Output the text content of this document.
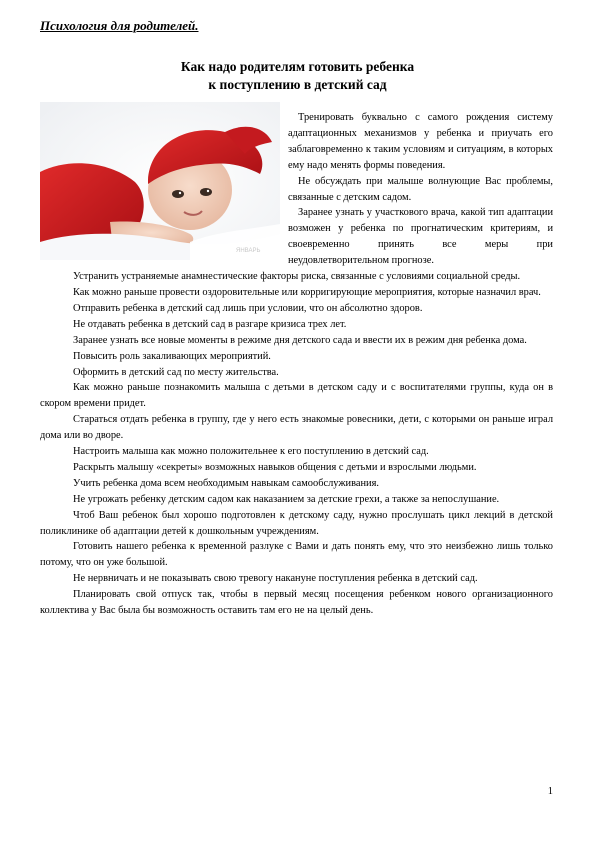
Психология для родителей.
Как надо родителям готовить ребенка
к поступлению в детский сад
ЯНВАРЬ

Тренировать буквально с самого рождения систему адаптационных механизмов у ребенка и приучать его заблаговременно к таким условиям и ситуациям, в которых ему надо менять формы поведения.

Не обсуждать при малыше волнующие Вас проблемы, связанные с детским садом.

Заранее узнать у участкового врача, какой тип адаптации возможен у ребенка по прогнатическим критериям, и своевременно принять все меры при неудовлетворительном прогнозе.

Устранить устраняемые анамнестические факторы риска, связанные с условиями социальной среды.

Как можно раньше провести оздоровительные или корригирующие мероприятия, которые назначил врач.

Отправить ребенка в детский сад лишь при условии, что он абсолютно здоров.

Не отдавать ребенка в детский сад в разгаре кризиса трех лет.

Заранее узнать все новые моменты в режиме дня детского сада и ввести их в режим дня ребенка дома.

Повысить роль закаливающих мероприятий.

Оформить в детский сад по месту жительства.

Как можно раньше познакомить малыша с детьми в детском саду и с воспитателями группы, куда он в скором времени придет.

Стараться отдать ребенка в группу, где у него есть знакомые ровесники, дети, с которыми он раньше играл дома или во дворе.

Настроить малыша как можно положительнее к его поступлению в детский сад.

Раскрыть малышу «секреты» возможных навыков общения с детьми и взрослыми людьми.

Учить ребенка дома всем необходимым навыкам самообслуживания.

Не угрожать ребенку детским садом как наказанием за детские грехи, а также за непослушание.

Чтоб Ваш ребенок был хорошо подготовлен к детскому саду, нужно прослушать цикл лекций в детской поликлинике об адаптации детей к дошкольным учреждениям.

Готовить нашего ребенка к временной разлуке с Вами и дать понять ему, что это неизбежно лишь только потому, что он уже большой.

Не нервничать и не показывать свою тревогу накануне поступления ребенка в детский сад.

Планировать свой отпуск так, чтобы в первый месяц посещения ребенком нового организационного коллектива у Вас была бы возможность оставить там его не на целый день.

1
